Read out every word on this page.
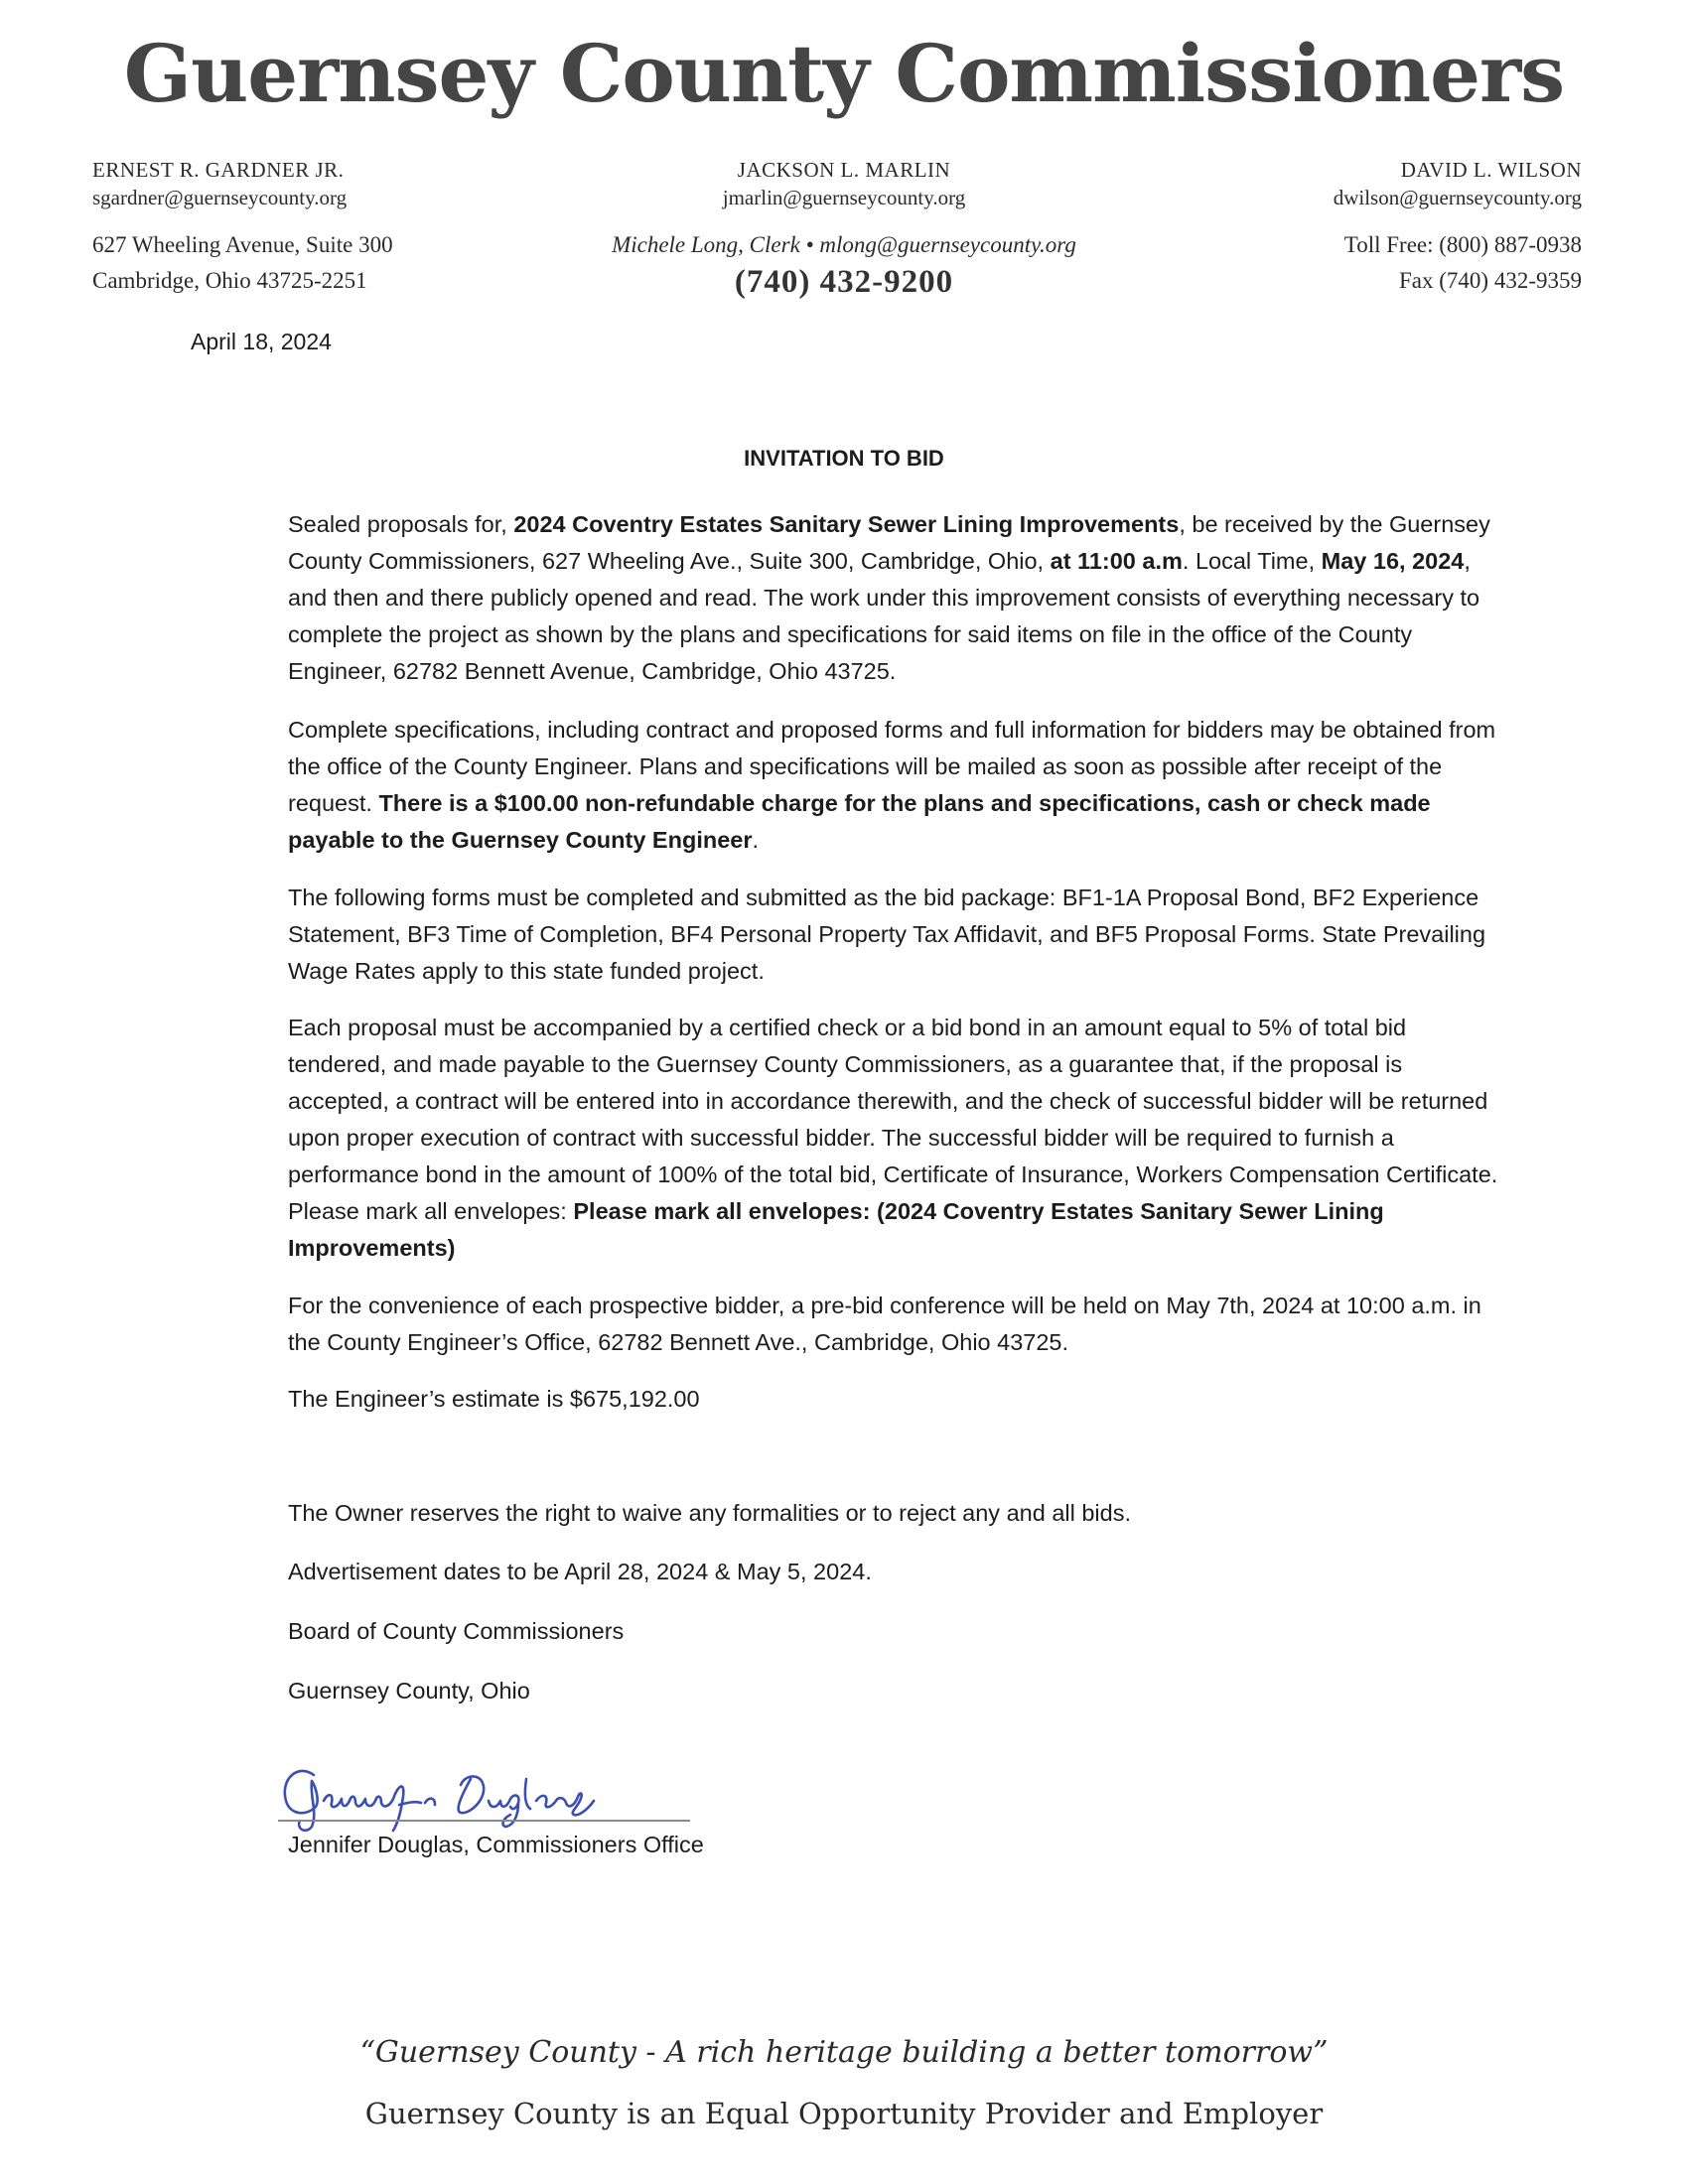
Guernsey County Commissioners
ERNEST R. GARDNER JR.
sgardner@guernseycounty.org
JACKSON L. MARLIN
jmarlin@guernseycounty.org
DAVID L. WILSON
dwilson@guernseycounty.org
627 Wheeling Avenue, Suite 300
Cambridge, Ohio 43725-2251
Michele Long, Clerk • mlong@guernseycounty.org
(740) 432-9200
Toll Free: (800) 887-0938
Fax (740) 432-9359
April 18, 2024
INVITATION TO BID

Sealed proposals for, 2024 Coventry Estates Sanitary Sewer Lining Improvements, be received by the Guernsey County Commissioners, 627 Wheeling Ave., Suite 300, Cambridge, Ohio, at 11:00 a.m. Local Time, May 16, 2024, and then and there publicly opened and read. The work under this improvement consists of everything necessary to complete the project as shown by the plans and specifications for said items on file in the office of the County Engineer, 62782 Bennett Avenue, Cambridge, Ohio 43725.

Complete specifications, including contract and proposed forms and full information for bidders may be obtained from the office of the County Engineer. Plans and specifications will be mailed as soon as possible after receipt of the request. There is a $100.00 non-refundable charge for the plans and specifications, cash or check made payable to the Guernsey County Engineer.

The following forms must be completed and submitted as the bid package: BF1-1A Proposal Bond, BF2 Experience Statement, BF3 Time of Completion, BF4 Personal Property Tax Affidavit, and BF5 Proposal Forms. State Prevailing Wage Rates apply to this state funded project.

Each proposal must be accompanied by a certified check or a bid bond in an amount equal to 5% of total bid tendered, and made payable to the Guernsey County Commissioners, as a guarantee that, if the proposal is accepted, a contract will be entered into in accordance therewith, and the check of successful bidder will be returned upon proper execution of contract with successful bidder. The successful bidder will be required to furnish a performance bond in the amount of 100% of the total bid, Certificate of Insurance, Workers Compensation Certificate. Please mark all envelopes: Please mark all envelopes: (2024 Coventry Estates Sanitary Sewer Lining Improvements)

For the convenience of each prospective bidder, a pre-bid conference will be held on May 7th, 2024 at 10:00 a.m. in the County Engineer’s Office, 62782 Bennett Ave., Cambridge, Ohio 43725.

The Engineer’s estimate is $675,192.00
The Owner reserves the right to waive any formalities or to reject any and all bids.
Advertisement dates to be April 28, 2024 & May 5, 2024.
Board of County Commissioners
Guernsey County, Ohio
Jennifer Douglas, Commissioners Office
“Guernsey County - A rich heritage building a better tomorrow”
Guernsey County is an Equal Opportunity Provider and Employer
